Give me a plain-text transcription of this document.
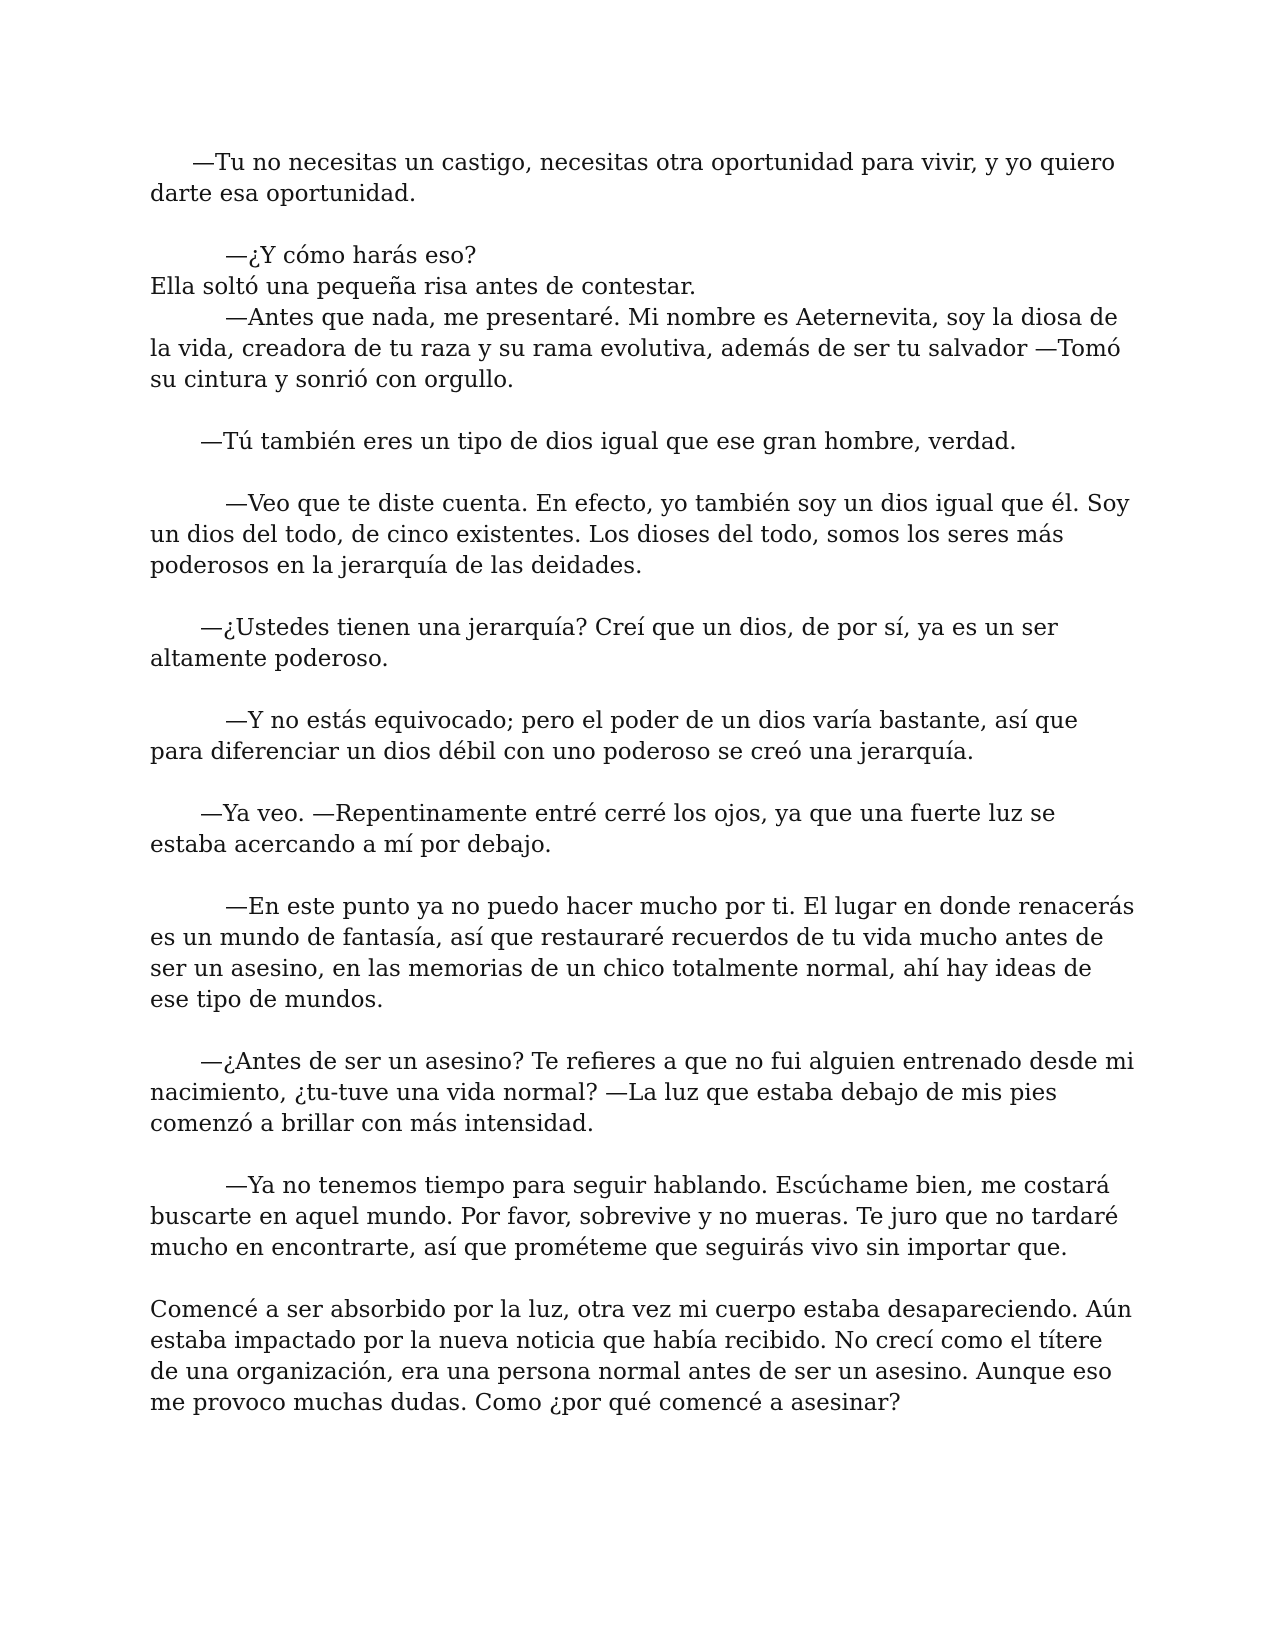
—Tu no necesitas un castigo, necesitas otra oportunidad para vivir, y yo quiero darte esa oportunidad.

—¿Y cómo harás eso?

Ella soltó una pequeña risa antes de contestar.

—Antes que nada, me presentaré. Mi nombre es Aeternevita, soy la diosa de la vida, creadora de tu raza y su rama evolutiva, además de ser tu salvador —Tomó su cintura y sonrió con orgullo.

—Tú también eres un tipo de dios igual que ese gran hombre, verdad.

—Veo que te diste cuenta. En efecto, yo también soy un dios igual que él. Soy un dios del todo, de cinco existentes. Los dioses del todo, somos los seres más poderosos en la jerarquía de las deidades.

—¿Ustedes tienen una jerarquía? Creí que un dios, de por sí, ya es un ser altamente poderoso.

—Y no estás equivocado; pero el poder de un dios varía bastante, así que para diferenciar un dios débil con uno poderoso se creó una jerarquía.

—Ya veo. —Repentinamente entré cerré los ojos, ya que una fuerte luz se estaba acercando a mí por debajo.

—En este punto ya no puedo hacer mucho por ti. El lugar en donde renacerás es un mundo de fantasía, así que restauraré recuerdos de tu vida mucho antes de ser un asesino, en las memorias de un chico totalmente normal, ahí hay ideas de ese tipo de mundos.

—¿Antes de ser un asesino? Te refieres a que no fui alguien entrenado desde mi nacimiento, ¿tu-tuve una vida normal? —La luz que estaba debajo de mis pies comenzó a brillar con más intensidad.

—Ya no tenemos tiempo para seguir hablando. Escúchame bien, me costará buscarte en aquel mundo. Por favor, sobrevive y no mueras. Te juro que no tardaré mucho en encontrarte, así que prométeme que seguirás vivo sin importar que.

Comencé a ser absorbido por la luz, otra vez mi cuerpo estaba desapareciendo. Aún estaba impactado por la nueva noticia que había recibido. No crecí como el títere de una organización, era una persona normal antes de ser un asesino. Aunque eso me provoco muchas dudas. Como ¿por qué comencé a asesinar?
